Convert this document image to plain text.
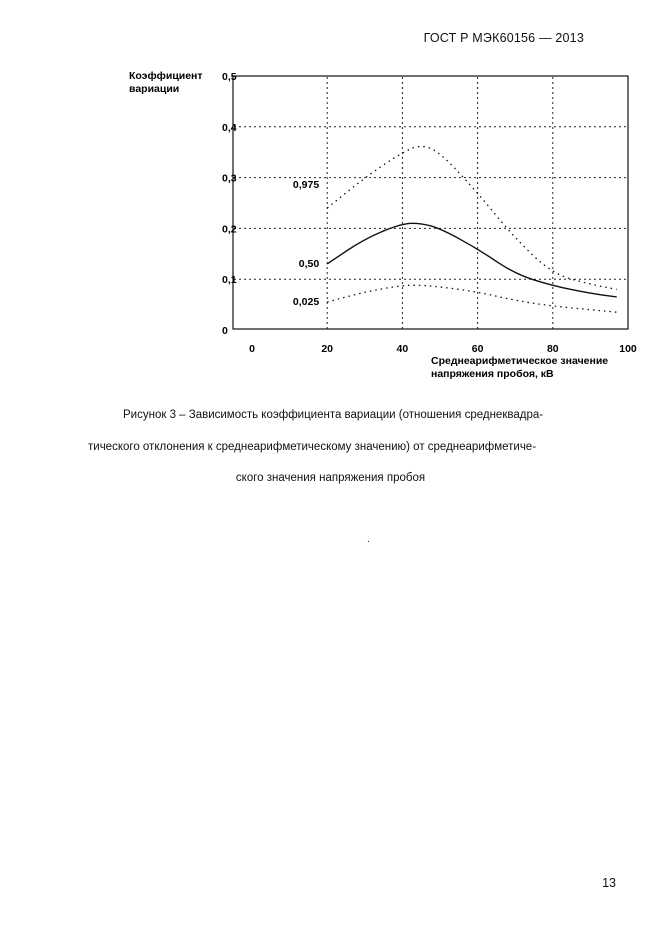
ГОСТ Р МЭК60156 — 2013
0	20	40	60	80	100
0
0,1
0,2
0,3
0,4
0,5
Коэффициент
вариации
Среднеарифметическое значение
напряжения пробоя, кВ
0,975
0,50
0,025
Рисунок 3 – Зависимость коэффициента вариации (отношения среднеквадра-
тического отклонения к среднеарифметическому значению) от среднеарифметиче-
ского значения напряжения пробоя
.
13
